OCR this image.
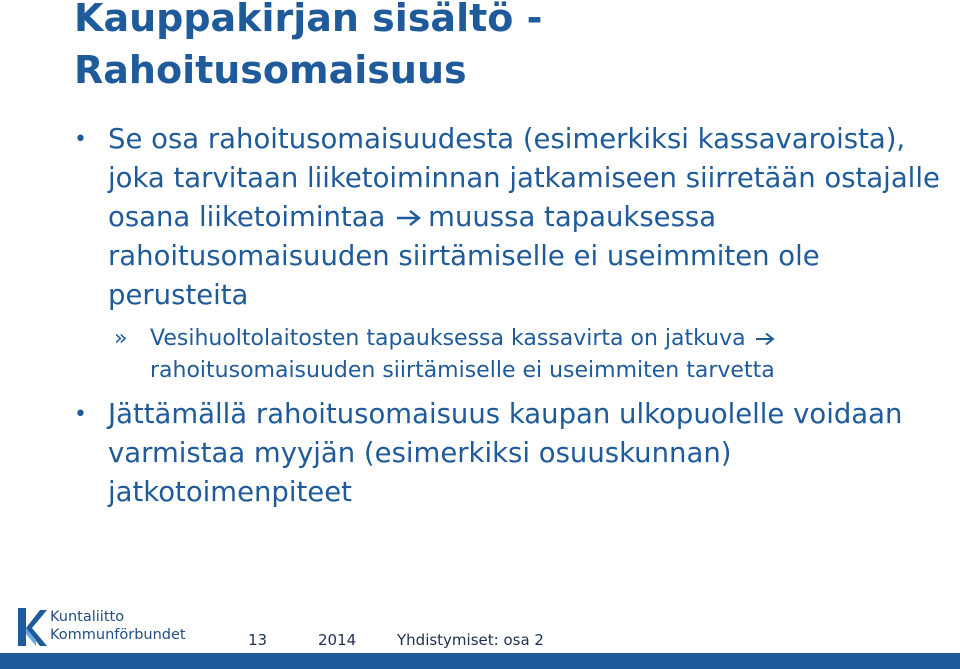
Kauppakirjan sisältö -
Rahoitusomaisuus
• Se osa rahoitusomaisuudesta (esimerkiksi kassavaroista), joka tarvitaan liiketoiminnan jatkamiseen siirretään ostajalle osana liiketoimintaa muussa tapauksessa rahoitusomaisuuden siirtämiselle ei useimmiten ole perusteita
» Vesihuoltolaitosten tapauksessa kassavirta on jatkuva
rahoitusomaisuuden siirtämiselle ei useimmiten tarvetta
• Jättämällä rahoitusomaisuus kaupan ulkopuolelle voidaan varmistaa myyjän (esimerkiksi osuuskunnan) jatkotoimenpiteet
Kuntaliitto
Kommunförbundet	13	2014	Yhdistymiset: osa 2
